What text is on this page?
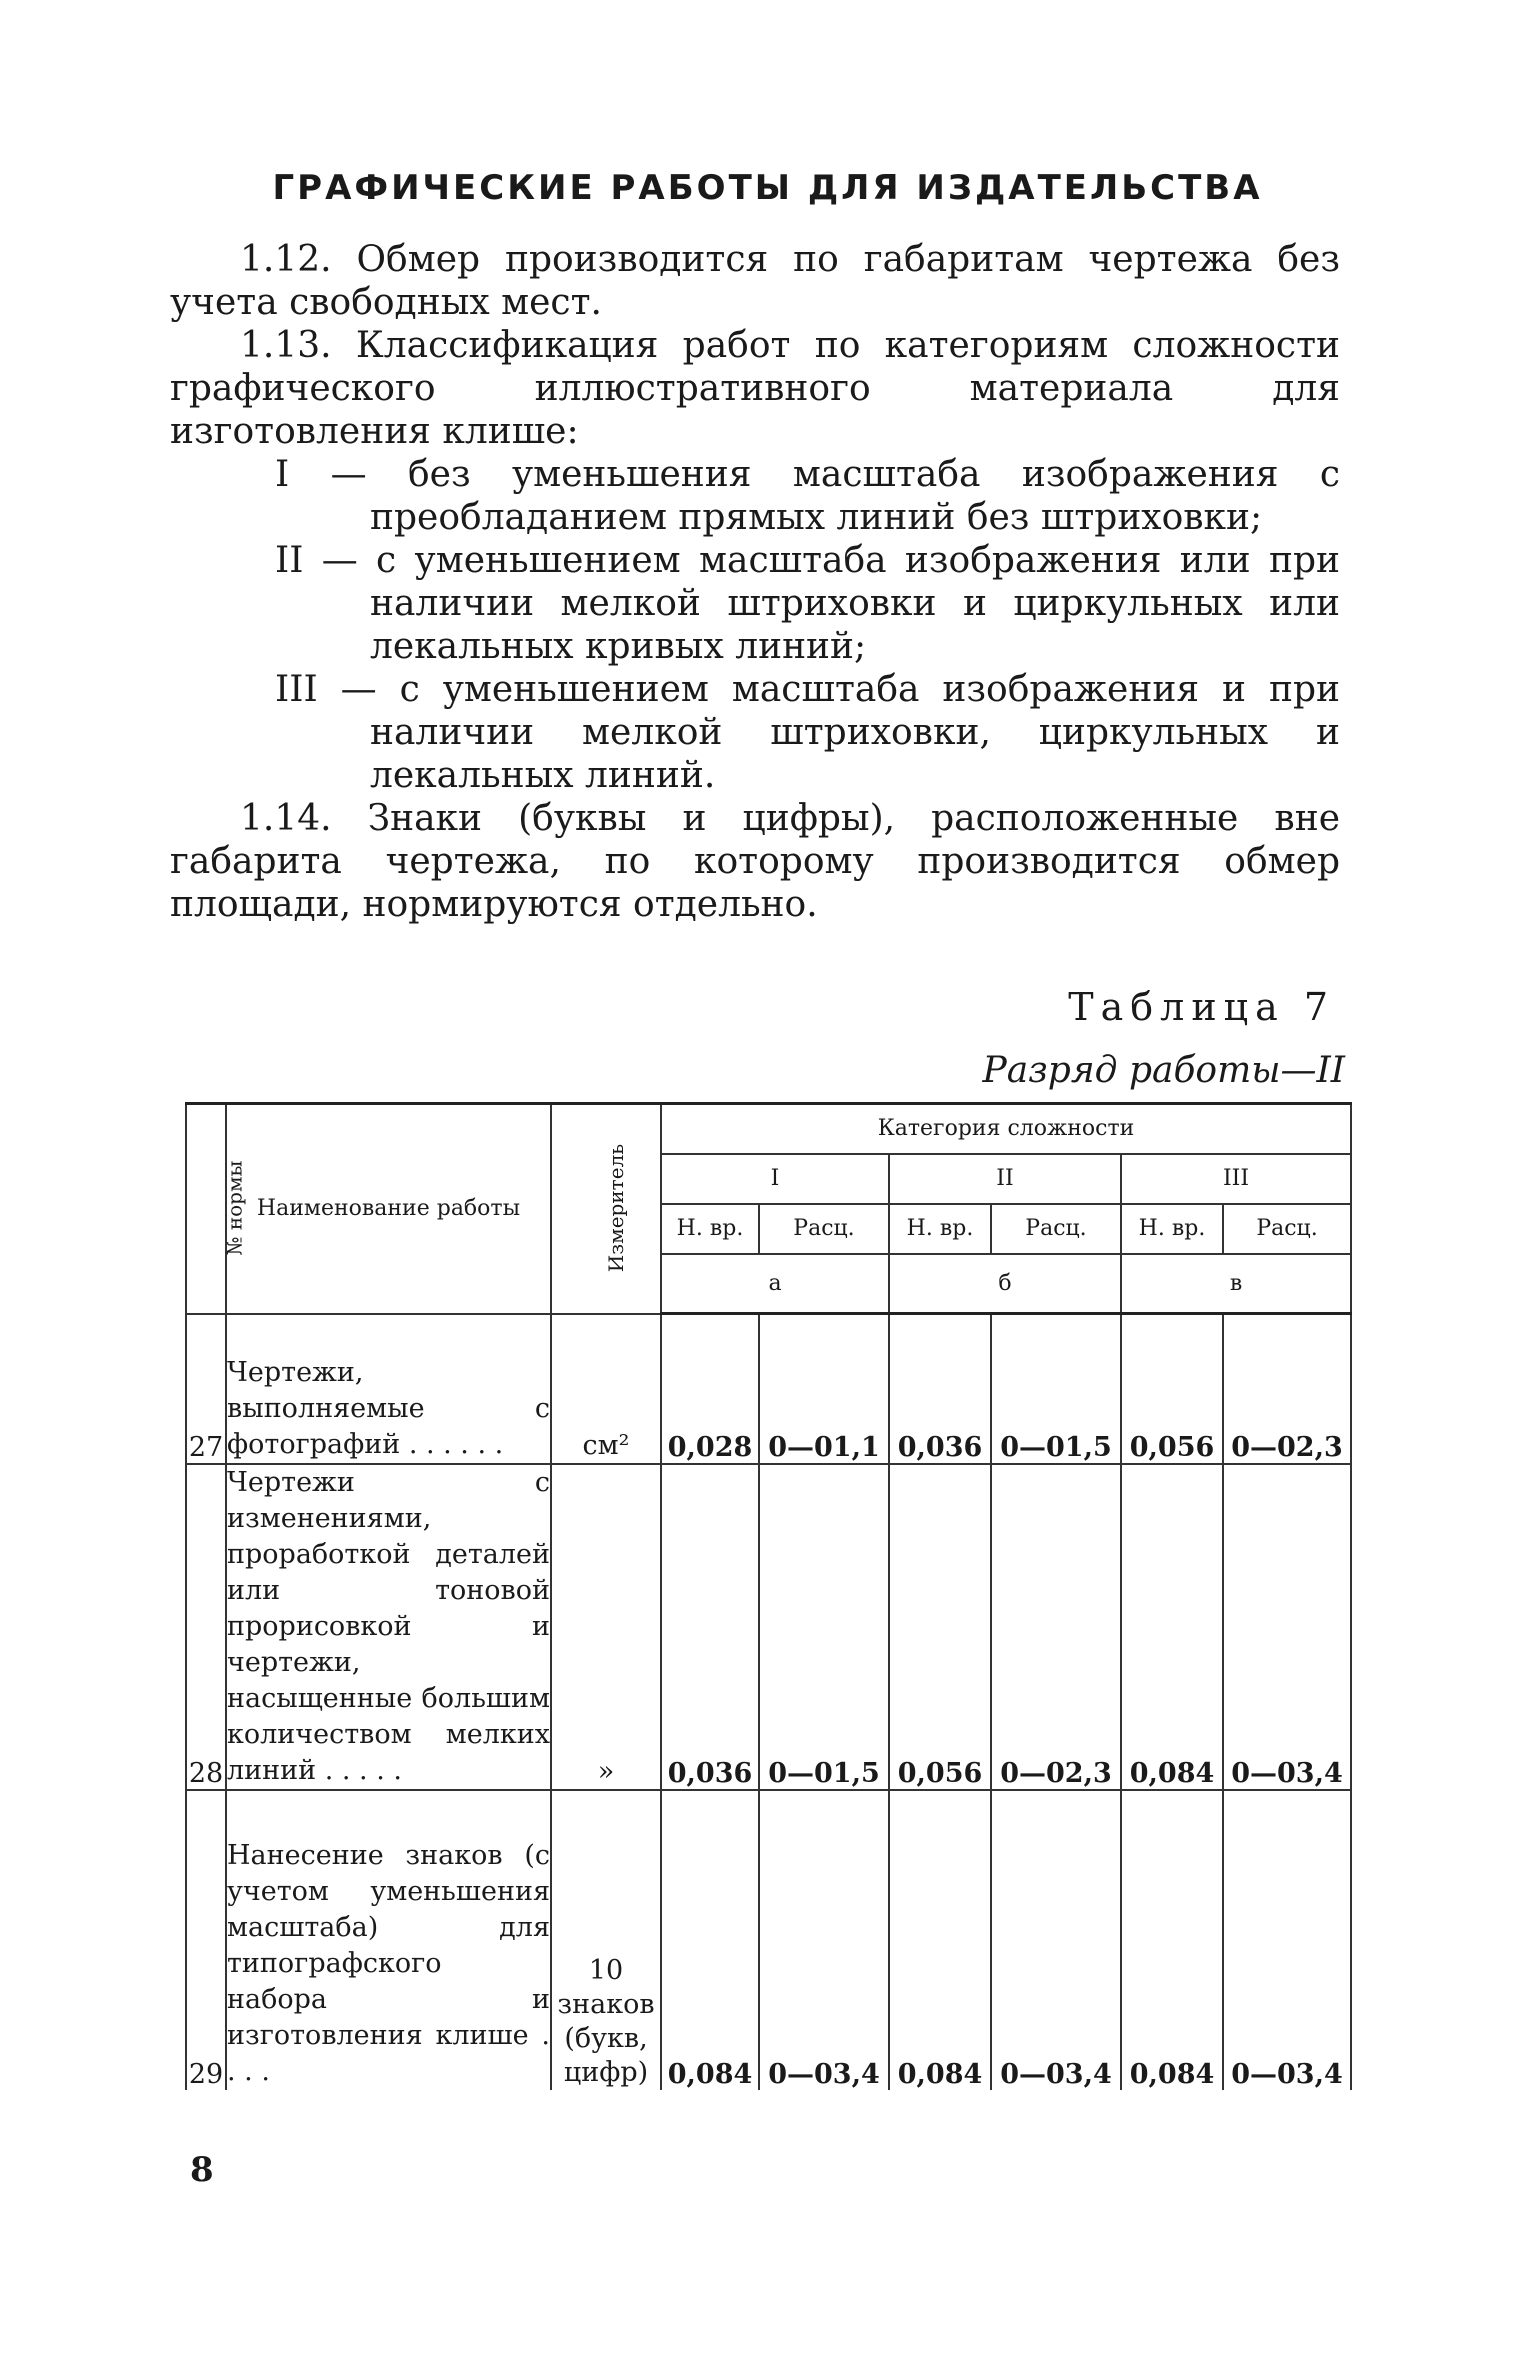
ГРАФИЧЕСКИЕ РАБОТЫ ДЛЯ ИЗДАТЕЛЬСТВА

1.12. Обмер производится по габаритам чертежа без учета свободных мест.

1.13. Классификация работ по категориям сложности графического иллюстративного материала для изготовления клише:

I — без уменьшения масштаба изображения с преобладанием прямых линий без штриховки;

II — с уменьшением масштаба изображения или при наличии мелкой штриховки и циркульных или лекальных кривых линий;

III — с уменьшением масштаба изображения и при наличии мелкой штриховки, циркульных и лекальных линий.

1.14. Знаки (буквы и цифры), расположенные вне габарита чертежа, по которому производится обмер площади, нормируются отдельно.

Таблица 7
Разряд работы—II
№ нормы	Наименование работы	Измеритель	Категория сложности					
			I		II		III	
			Н. вр.	Расц.	Н. вр.	Расц.	Н. вр.	Расц.
			а		б		в	
27	Чертежи, выполняемые с фотографий . . . . . .	см²	0,028	0—01,1	0,036	0—01,5	0,056	0—02,3
28	Чертежи с изменениями, проработкой деталей или тоновой прорисовкой и чертежи, насыщенные большим количеством мелких линий . . . . .	»	0,036	0—01,5	0,056	0—02,3	0,084	0—03,4
29	Нанесение знаков (с учетом уменьшения масштаба) для типографского набора и изготовления клише . . . .	10 знаков (букв, цифр)	0,084	0—03,4	0,084	0—03,4	0,084	0—03,4
8
